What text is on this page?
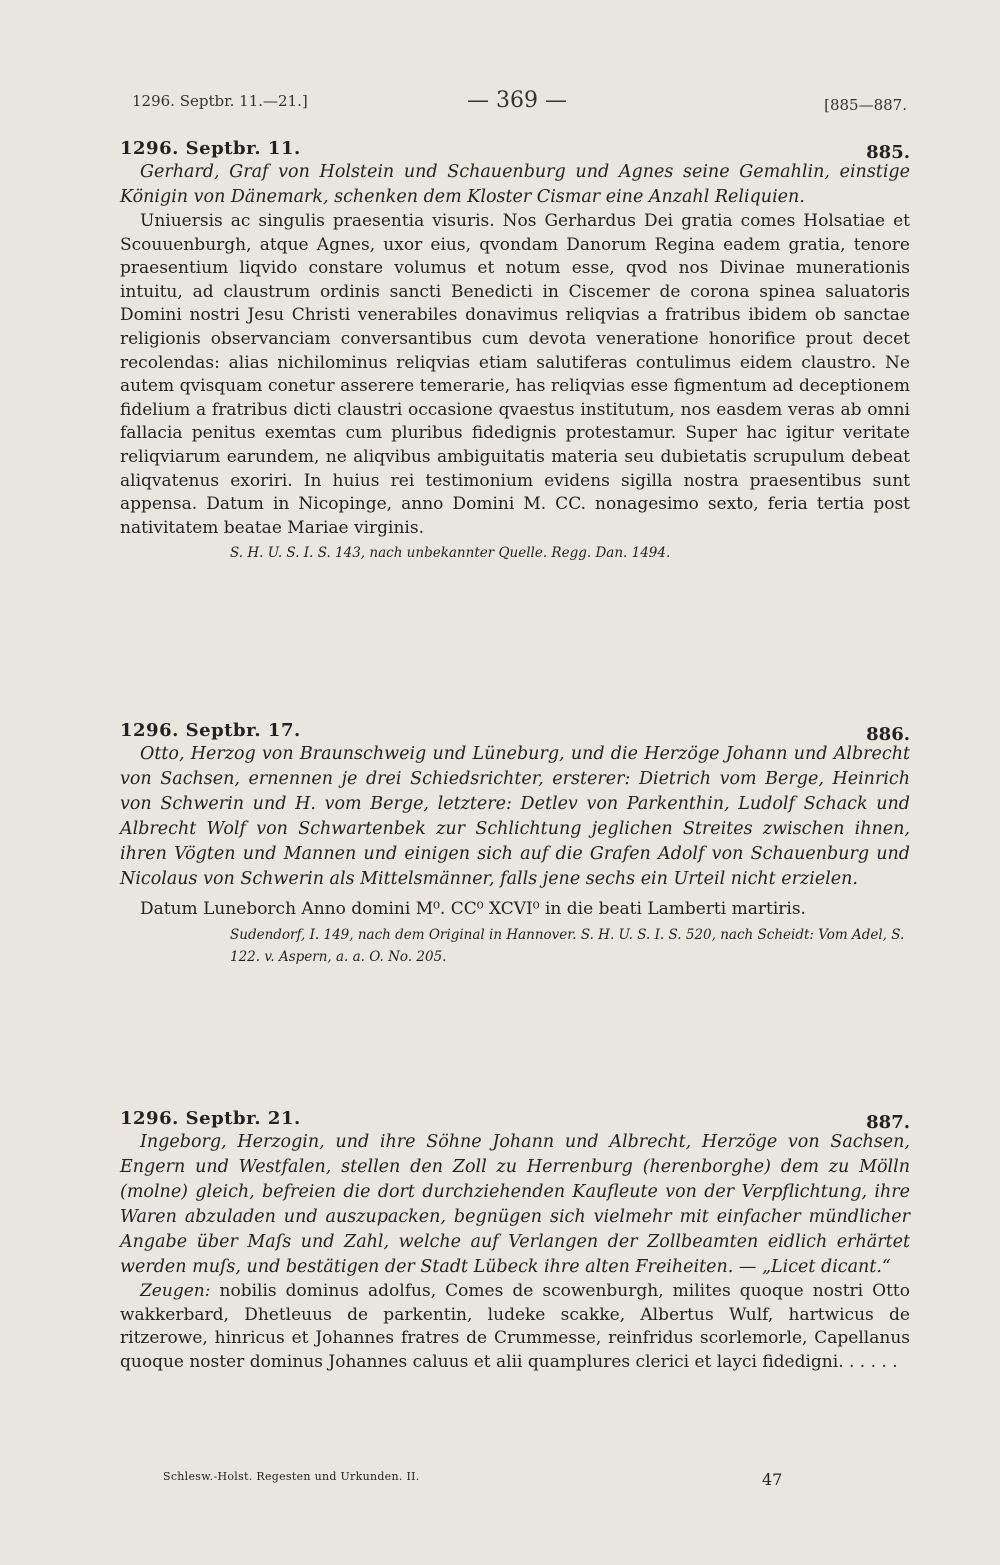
1296. Septbr. 11.—21.]	— 369 —	[885—887.
1296. Septbr. 11.	885.

Gerhard, Graf von Holstein und Schauenburg und Agnes seine Gemahlin, einstige Königin von Dänemark, schenken dem Kloster Cismar eine Anzahl Reliquien.

Uniuersis ac singulis praesentia visuris. Nos Gerhardus Dei gratia comes Holsatiae et Scouuenburgh, atque Agnes, uxor eius, qvondam Danorum Regina eadem gratia, tenore praesentium liqvido constare volumus et notum esse, qvod nos Divinae munerationis intuitu, ad claustrum ordinis sancti Benedicti in Ciscemer de corona spinea saluatoris Domini nostri Jesu Christi venerabiles donavimus reliqvias a fratribus ibidem ob sanctae religionis observanciam conversantibus cum devota veneratione honorifice prout decet recolendas: alias nichilominus reliqvias etiam salutiferas contulimus eidem claustro. Ne autem qvisquam conetur asserere temerarie, has reliqvias esse figmentum ad deceptionem fidelium a fratribus dicti claustri occasione qvaestus institutum, nos easdem veras ab omni fallacia penitus exemtas cum pluribus fidedignis protestamur. Super hac igitur veritate reliqviarum earundem, ne aliqvibus ambiguitatis materia seu dubietatis scrupulum debeat aliqvatenus exoriri. In huius rei testimonium evidens sigilla nostra praesentibus sunt appensa. Datum in Nicopinge, anno Domini M. CC. nonagesimo sexto, feria tertia post nativitatem beatae Mariae virginis.

S. H. U. S. I. S. 143, nach unbekannter Quelle. Regg. Dan. 1494.

1296. Septbr. 17.	886.

Otto, Herzog von Braunschweig und Lüneburg, und die Herzöge Johann und Albrecht von Sachsen, ernennen je drei Schiedsrichter, ersterer: Dietrich vom Berge, Heinrich von Schwerin und H. vom Berge, letztere: Detlev von Parkenthin, Ludolf Schack und Albrecht Wolf von Schwartenbek zur Schlichtung jeglichen Streites zwischen ihnen, ihren Vögten und Mannen und einigen sich auf die Grafen Adolf von Schauenburg und Nicolaus von Schwerin als Mittelsmänner, falls jene sechs ein Urteil nicht erzielen.

Datum Luneborch Anno domini M⁰. CC⁰ XCVI⁰ in die beati Lamberti martiris.

Sudendorf, I. 149, nach dem Original in Hannover. S. H. U. S. I. S. 520, nach Scheidt: Vom Adel, S. 122. v. Aspern, a. a. O. No. 205.

1296. Septbr. 21.	887.

Ingeborg, Herzogin, und ihre Söhne Johann und Albrecht, Herzöge von Sachsen, Engern und Westfalen, stellen den Zoll zu Herrenburg (herenborghe) dem zu Mölln (molne) gleich, befreien die dort durchziehenden Kaufleute von der Verpflichtung, ihre Waren abzuladen und auszupacken, begnügen sich vielmehr mit einfacher mündlicher Angabe über Maſs und Zahl, welche auf Verlangen der Zollbeamten eidlich erhärtet werden muſs, und bestätigen der Stadt Lübeck ihre alten Freiheiten. — „Licet dicant.“

Zeugen: nobilis dominus adolfus, Comes de scowenburgh, milites quoque nostri Otto wakkerbard, Dhetleuus de parkentin, ludeke scakke, Albertus Wulf, hartwicus de ritzerowe, hinricus et Johannes fratres de Crummesse, reinfridus scorlemorle, Capellanus quoque noster dominus Johannes caluus et alii quamplures clerici et layci fidedigni. . . . . .

Schlesw.-Holst. Regesten und Urkunden. II.	47
